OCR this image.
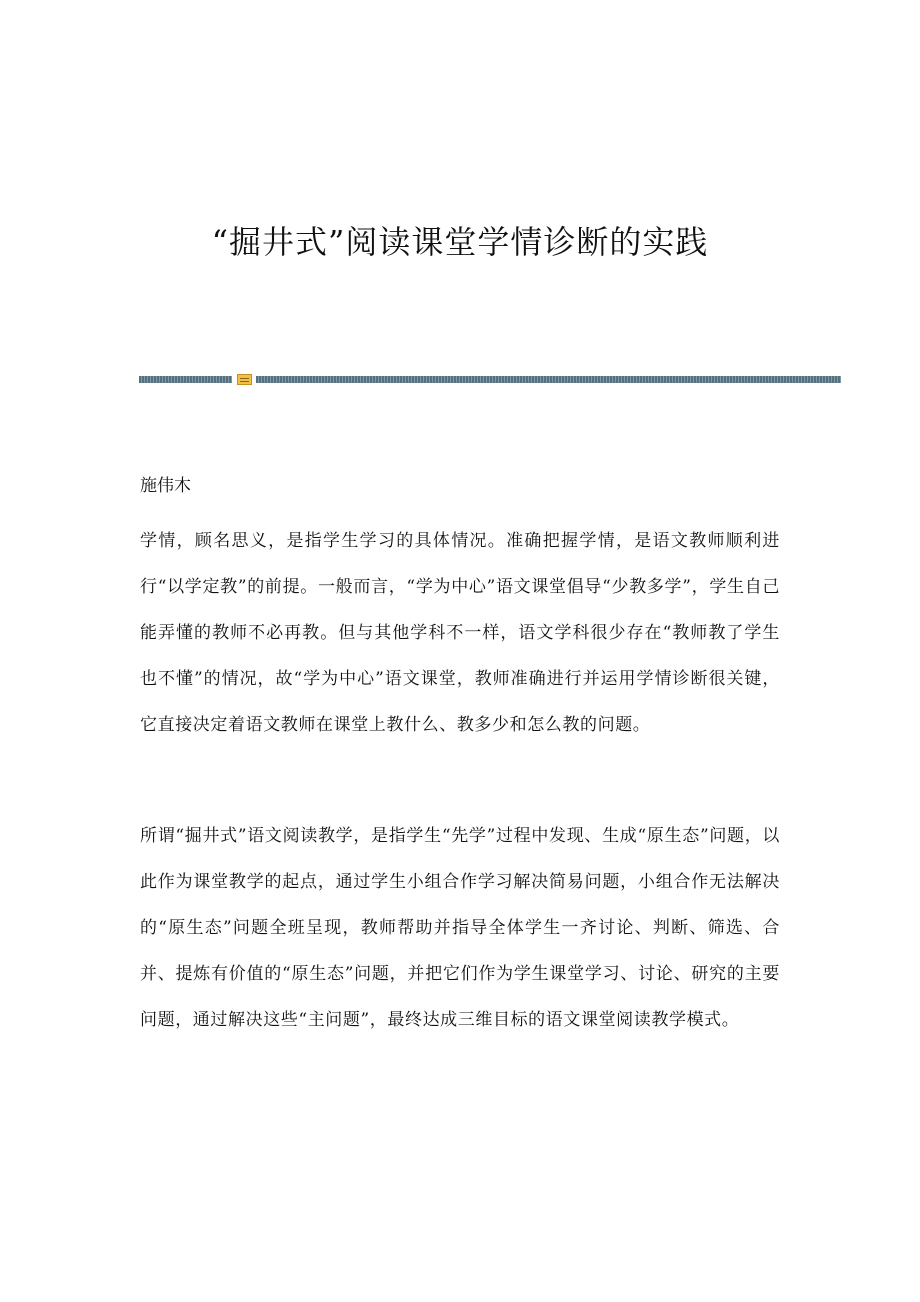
“掘井式”阅读课堂学情诊断的实践

施伟木

学情，顾名思义，是指学生学习的具体情况。准确把握学情，是语文教师顺利进行“以学定教”的前提。一般而言，“学为中心”语文课堂倡导“少教多学”，学生自己能弄懂的教师不必再教。但与其他学科不一样，语文学科很少存在“教师教了学生也不懂”的情况，故“学为中心”语文课堂，教师准确进行并运用学情诊断很关键，它直接决定着语文教师在课堂上教什么、教多少和怎么教的问题。

所谓“掘井式”语文阅读教学，是指学生“先学”过程中发现、生成“原生态”问题，以此作为课堂教学的起点，通过学生小组合作学习解决简易问题，小组合作无法解决的“原生态”问题全班呈现，教师帮助并指导全体学生一齐讨论、判断、筛选、合并、提炼有价值的“原生态”问题，并把它们作为学生课堂学习、讨论、研究的主要问题，通过解决这些“主问题”，最终达成三维目标的语文课堂阅读教学模式。
